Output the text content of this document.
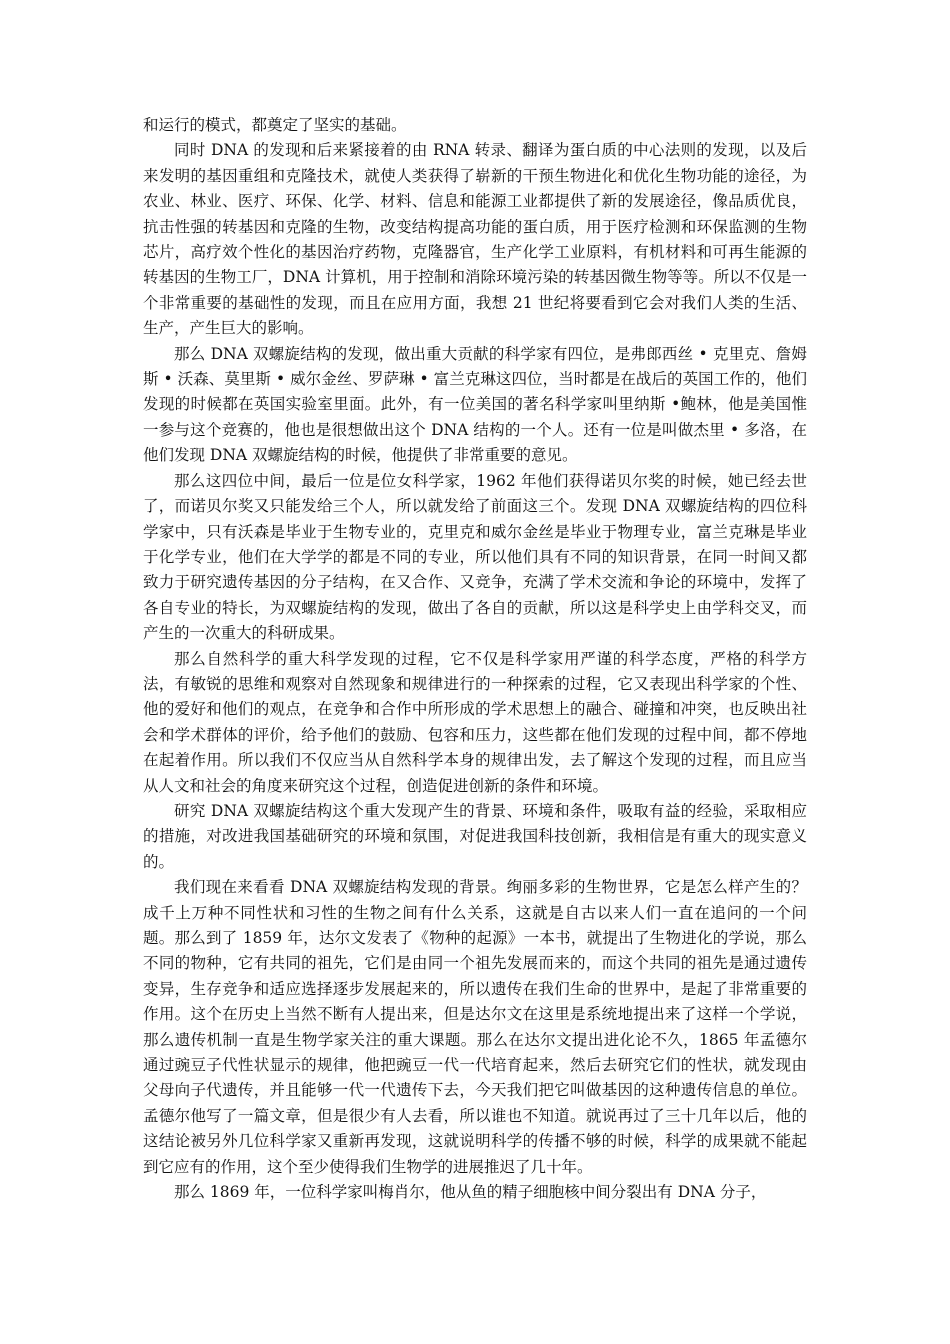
和运行的模式，都奠定了坚实的基础。

同时 DNA 的发现和后来紧接着的由 RNA 转录、翻译为蛋白质的中心法则的发现，以及后来发明的基因重组和克隆技术，就使人类获得了崭新的干预生物进化和优化生物功能的途径，为农业、林业、医疗、环保、化学、材料、信息和能源工业都提供了新的发展途径，像品质优良，抗击性强的转基因和克隆的生物，改变结构提高功能的蛋白质，用于医疗检测和环保监测的生物芯片，高疗效个性化的基因治疗药物，克隆器官，生产化学工业原料，有机材料和可再生能源的转基因的生物工厂，DNA 计算机，用于控制和消除环境污染的转基因微生物等等。所以不仅是一个非常重要的基础性的发现，而且在应用方面，我想 21 世纪将要看到它会对我们人类的生活、生产，产生巨大的影响。

那么 DNA 双螺旋结构的发现，做出重大贡献的科学家有四位，是弗郎西丝 • 克里克、詹姆斯 • 沃森、莫里斯 • 威尔金丝、罗萨琳 • 富兰克琳这四位，当时都是在战后的英国工作的，他们发现的时候都在英国实验室里面。此外，有一位美国的著名科学家叫里纳斯 •鲍林，他是美国惟一参与这个竞赛的，他也是很想做出这个 DNA 结构的一个人。还有一位是叫做杰里 • 多洛，在他们发现 DNA 双螺旋结构的时候，他提供了非常重要的意见。

那么这四位中间，最后一位是位女科学家，1962 年他们获得诺贝尔奖的时候，她已经去世了，而诺贝尔奖又只能发给三个人，所以就发给了前面这三个。发现 DNA 双螺旋结构的四位科学家中，只有沃森是毕业于生物专业的，克里克和威尔金丝是毕业于物理专业，富兰克琳是毕业于化学专业，他们在大学学的都是不同的专业，所以他们具有不同的知识背景，在同一时间又都致力于研究遗传基因的分子结构，在又合作、又竞争，充满了学术交流和争论的环境中，发挥了各自专业的特长，为双螺旋结构的发现，做出了各自的贡献，所以这是科学史上由学科交叉，而产生的一次重大的科研成果。

那么自然科学的重大科学发现的过程，它不仅是科学家用严谨的科学态度，严格的科学方法，有敏锐的思维和观察对自然现象和规律进行的一种探索的过程，它又表现出科学家的个性、他的爱好和他们的观点，在竞争和合作中所形成的学术思想上的融合、碰撞和冲突，也反映出社会和学术群体的评价，给予他们的鼓励、包容和压力，这些都在他们发现的过程中间，都不停地在起着作用。所以我们不仅应当从自然科学本身的规律出发，去了解这个发现的过程，而且应当从人文和社会的角度来研究这个过程，创造促进创新的条件和环境。

研究 DNA 双螺旋结构这个重大发现产生的背景、环境和条件，吸取有益的经验，采取相应的措施，对改进我国基础研究的环境和氛围，对促进我国科技创新，我相信是有重大的现实意义的。

我们现在来看看 DNA 双螺旋结构发现的背景。绚丽多彩的生物世界，它是怎么样产生的？成千上万种不同性状和习性的生物之间有什么关系，这就是自古以来人们一直在追问的一个问题。那么到了 1859 年，达尔文发表了《物种的起源》一本书，就提出了生物进化的学说，那么不同的物种，它有共同的祖先，它们是由同一个祖先发展而来的，而这个共同的祖先是通过遗传变异，生存竞争和适应选择逐步发展起来的，所以遗传在我们生命的世界中，是起了非常重要的作用。这个在历史上当然不断有人提出来，但是达尔文在这里是系统地提出来了这样一个学说，那么遗传机制一直是生物学家关注的重大课题。那么在达尔文提出进化论不久，1865 年孟德尔通过豌豆子代性状显示的规律，他把豌豆一代一代培育起来，然后去研究它们的性状，就发现由父母向子代遗传，并且能够一代一代遗传下去，今天我们把它叫做基因的这种遗传信息的单位。孟德尔他写了一篇文章，但是很少有人去看，所以谁也不知道。就说再过了三十几年以后，他的这结论被另外几位科学家又重新再发现，这就说明科学的传播不够的时候，科学的成果就不能起到它应有的作用，这个至少使得我们生物学的进展推迟了几十年。

那么 1869 年，一位科学家叫梅肖尔，他从鱼的精子细胞核中间分裂出有 DNA 分子，
